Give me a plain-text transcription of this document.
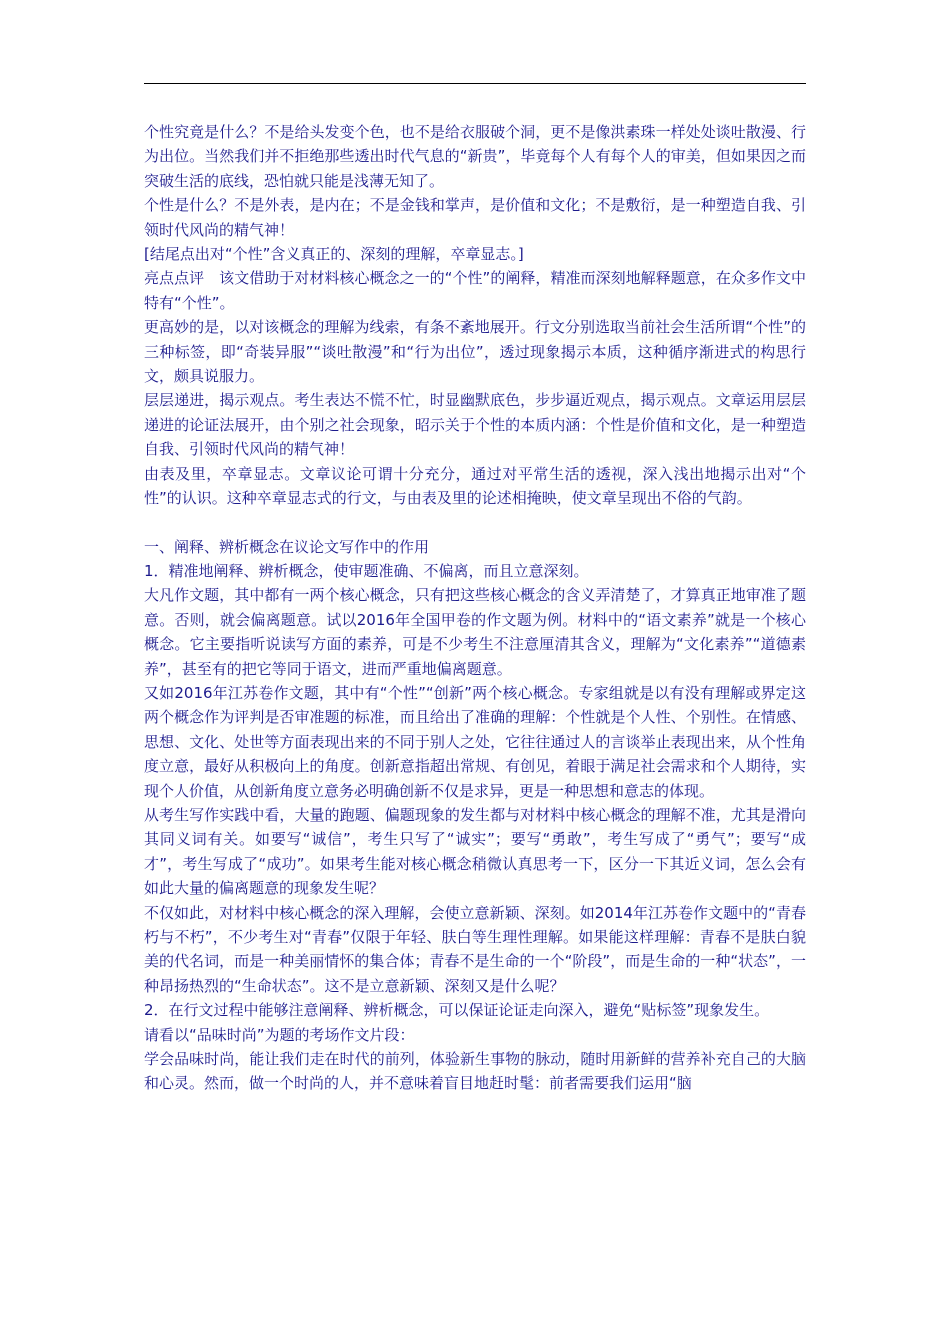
个性究竟是什么？不是给头发变个色，也不是给衣服破个洞，更不是像洪素珠一样处处谈吐散漫、行为出位。当然我们并不拒绝那些透出时代气息的“新贵”，毕竟每个人有每个人的审美，但如果因之而突破生活的底线，恐怕就只能是浅薄无知了。

个性是什么？不是外表，是内在；不是金钱和掌声，是价值和文化；不是敷衍，是一种塑造自我、引领时代风尚的精气神！

[结尾点出对“个性”含义真正的、深刻的理解，卒章显志。]

亮点点评　该文借助于对材料核心概念之一的“个性”的阐释，精准而深刻地解释题意，在众多作文中特有“个性”。

更高妙的是，以对该概念的理解为线索，有条不紊地展开。行文分别选取当前社会生活所谓“个性”的三种标签，即“奇装异服”“谈吐散漫”和“行为出位”，透过现象揭示本质，这种循序渐进式的构思行文，颇具说服力。

层层递进，揭示观点。考生表达不慌不忙，时显幽默底色，步步逼近观点，揭示观点。文章运用层层递进的论证法展开，由个别之社会现象，昭示关于个性的本质内涵：个性是价值和文化，是一种塑造自我、引领时代风尚的精气神！

由表及里，卒章显志。文章议论可谓十分充分，通过对平常生活的透视，深入浅出地揭示出对“个性”的认识。这种卒章显志式的行文，与由表及里的论述相掩映，使文章呈现出不俗的气韵。

一、阐释、辨析概念在议论文写作中的作用

1．精准地阐释、辨析概念，使审题准确、不偏离，而且立意深刻。

大凡作文题，其中都有一两个核心概念，只有把这些核心概念的含义弄清楚了，才算真正地审准了题意。否则，就会偏离题意。试以2016年全国甲卷的作文题为例。材料中的“语文素养”就是一个核心概念。它主要指听说读写方面的素养，可是不少考生不注意厘清其含义，理解为“文化素养”“道德素养”，甚至有的把它等同于语文，进而严重地偏离题意。

又如2016年江苏卷作文题，其中有“个性”“创新”两个核心概念。专家组就是以有没有理解或界定这两个概念作为评判是否审准题的标准，而且给出了准确的理解：个性就是个人性、个别性。在情感、思想、文化、处世等方面表现出来的不同于别人之处，它往往通过人的言谈举止表现出来，从个性角度立意，最好从积极向上的角度。创新意指超出常规、有创见，着眼于满足社会需求和个人期待，实现个人价值，从创新角度立意务必明确创新不仅是求异，更是一种思想和意志的体现。

从考生写作实践中看，大量的跑题、偏题现象的发生都与对材料中核心概念的理解不准，尤其是滑向其同义词有关。如要写“诚信”，考生只写了“诚实”；要写“勇敢”，考生写成了“勇气”；要写“成才”，考生写成了“成功”。如果考生能对核心概念稍微认真思考一下，区分一下其近义词，怎么会有如此大量的偏离题意的现象发生呢？

不仅如此，对材料中核心概念的深入理解，会使立意新颖、深刻。如2014年江苏卷作文题中的“青春朽与不朽”，不少考生对“青春”仅限于年轻、肤白等生理性理解。如果能这样理解：青春不是肤白貌美的代名词，而是一种美丽情怀的集合体；青春不是生命的一个“阶段”，而是生命的一种“状态”，一种昂扬热烈的“生命状态”。这不是立意新颖、深刻又是什么呢？

2．在行文过程中能够注意阐释、辨析概念，可以保证论证走向深入，避免“贴标签”现象发生。

请看以“品味时尚”为题的考场作文片段：

学会品味时尚，能让我们走在时代的前列，体验新生事物的脉动，随时用新鲜的营养补充自己的大脑和心灵。然而，做一个时尚的人，并不意味着盲目地赶时髦：前者需要我们运用“脑
